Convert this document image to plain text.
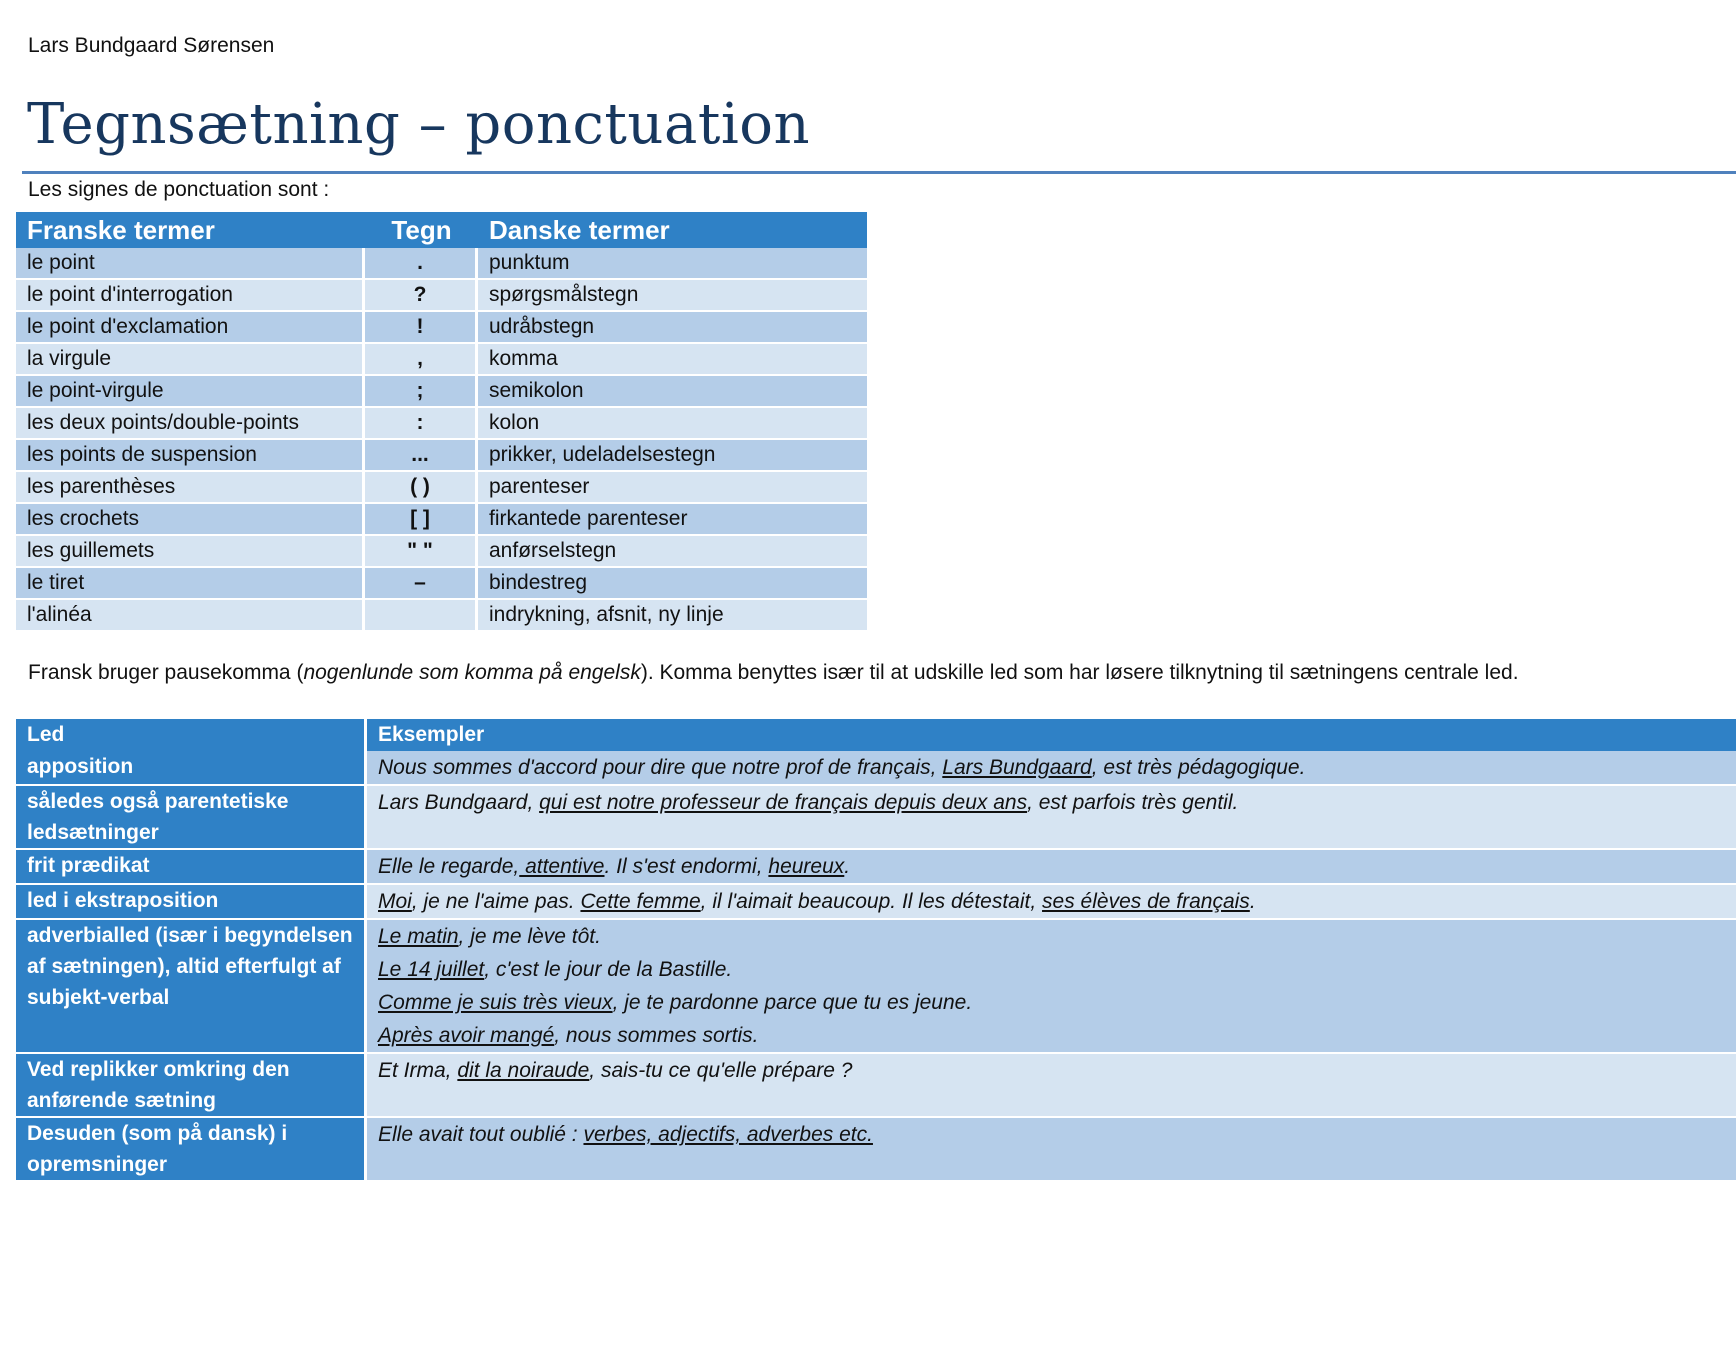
Lars Bundgaard Sørensen
Tegnsætning – ponctuation
Les signes de ponctuation sont :
Franske termer	Tegn	Danske termer
le point	.	punktum
le point d'interrogation	?	spørgsmålstegn
le point d'exclamation	!	udråbstegn
la virgule	,	komma
le point-virgule	;	semikolon
les deux points/double-points	:	kolon
les points de suspension	...	prikker, udeladelsestegn
les parenthèses	( )	parenteser
les crochets	[ ]	firkantede parenteser
les guillemets	" "	anførselstegn
le tiret	–	bindestreg
l'alinéa		indrykning, afsnit, ny linje
Fransk bruger pausekomma (nogenlunde som komma på engelsk). Komma benyttes især til at udskille led som har løsere tilknytning til sætningens centrale led.
Led	Eksempler
apposition	Nous sommes d'accord pour dire que notre prof de français, Lars Bundgaard, est très pédagogique.

således også parentetiske ledsætninger	Lars Bundgaard, qui est notre professeur de français depuis deux ans, est parfois très gentil.

frit prædikat	Elle le regarde, attentive. Il s'est endormi, heureux.

led i ekstraposition	Moi, je ne l'aime pas. Cette femme, il l'aimait beaucoup. Il les détestait, ses élèves de français.

adverbialled (især i begyndelsen af sætningen), altid efterfulgt af subjekt-verbal	Le matin, je me lève tôt.
Le 14 juillet, c'est le jour de la Bastille.
Comme je suis très vieux, je te pardonne parce que tu es jeune.
Après avoir mangé, nous sommes sortis.

Ved replikker omkring den anførende sætning	Et Irma, dit la noiraude, sais-tu ce qu'elle prépare ?

Desuden (som på dansk) i opremsninger	Elle avait tout oublié : verbes, adjectifs, adverbes etc.
